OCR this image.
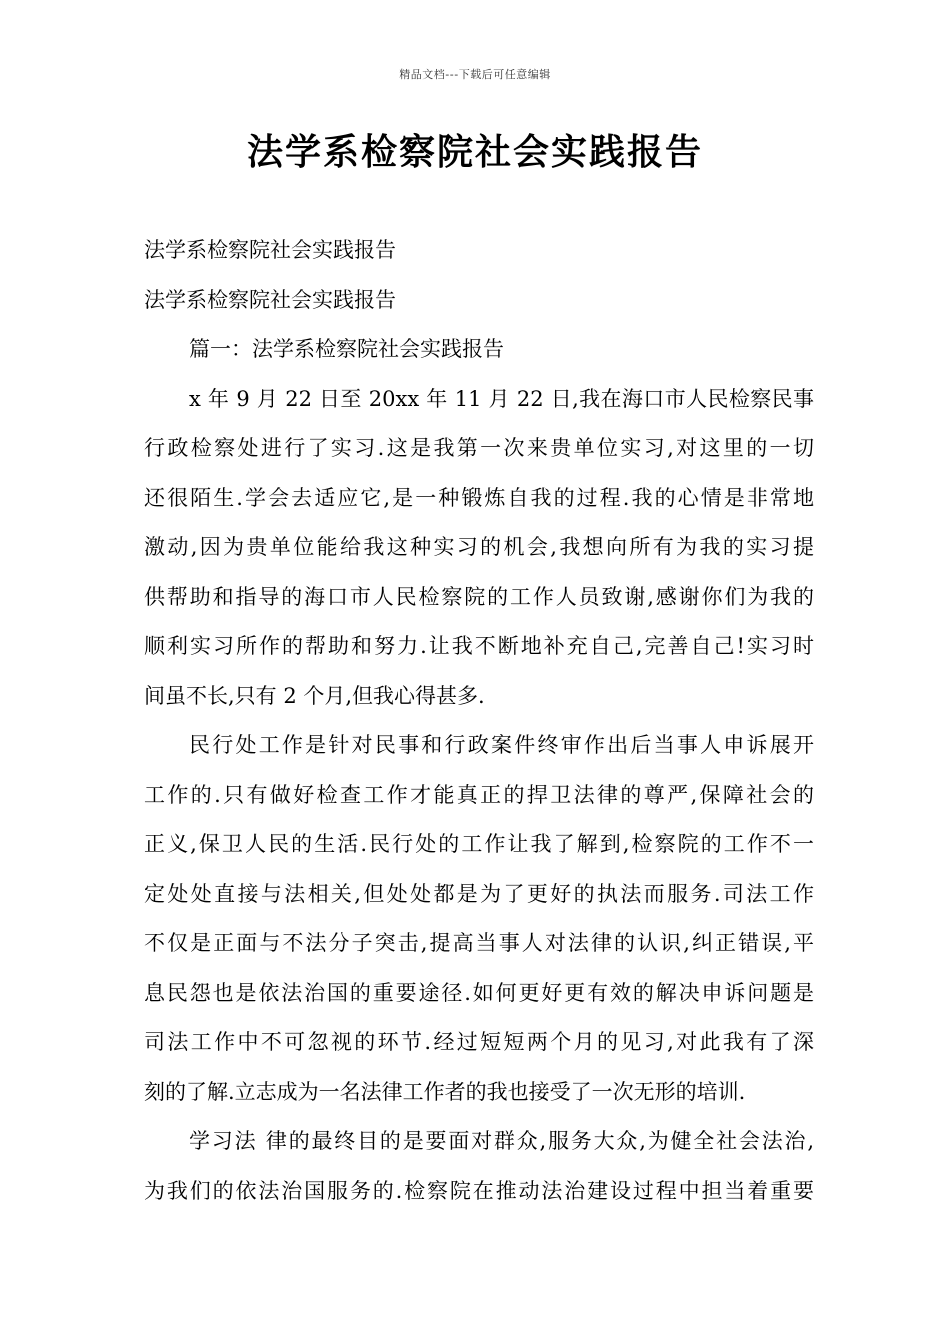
精品文档---下载后可任意编辑
法学系检察院社会实践报告
法学系检察院社会实践报告
法学系检察院社会实践报告
篇一：法学系检察院社会实践报告
x 年 9 月 22 日至 20xx 年 11 月 22 日,我在海口市人民检察民事
行政检察处进行了实习.这是我第一次来贵单位实习,对这里的一切
还很陌生.学会去适应它,是一种锻炼自我的过程.我的心情是非常地
激动,因为贵单位能给我这种实习的机会,我想向所有为我的实习提
供帮助和指导的海口市人民检察院的工作人员致谢,感谢你们为我的
顺利实习所作的帮助和努力.让我不断地补充自己,完善自己!实习时
间虽不长,只有 2 个月,但我心得甚多.
民行处工作是针对民事和行政案件终审作出后当事人申诉展开
工作的.只有做好检查工作才能真正的捍卫法律的尊严,保障社会的
正义,保卫人民的生活.民行处的工作让我了解到,检察院的工作不一
定处处直接与法相关,但处处都是为了更好的执法而服务.司法工作
不仅是正面与不法分子突击,提高当事人对法律的认识,纠正错误,平
息民怨也是依法治国的重要途径.如何更好更有效的解决申诉问题是
司法工作中不可忽视的环节.经过短短两个月的见习,对此我有了深
刻的了解.立志成为一名法律工作者的我也接受了一次无形的培训.
学习法 律的最终目的是要面对群众,服务大众,为健全社会法治,
为我们的依法治国服务的.检察院在推动法治建设过程中担当着重要
